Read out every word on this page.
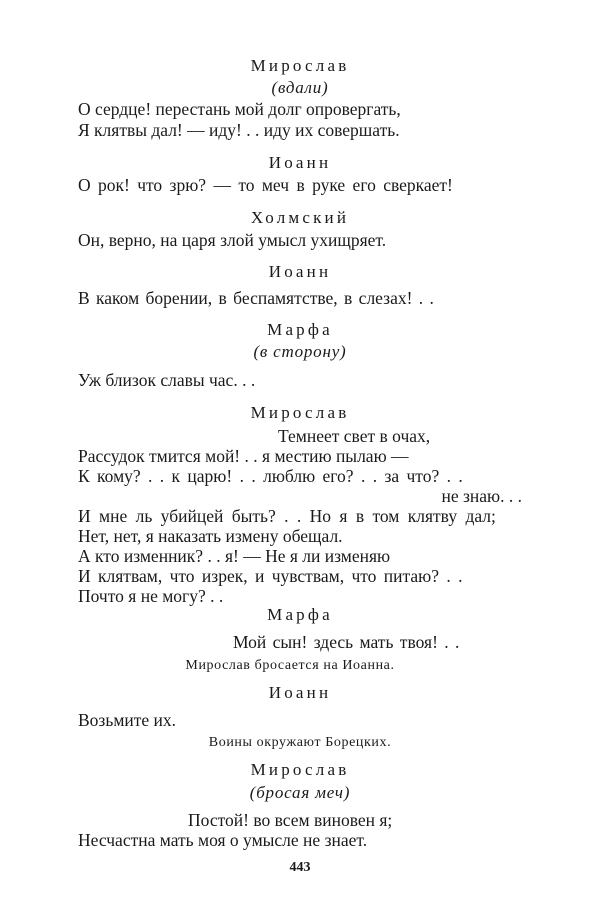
Мирослав
(вдали)
О сердце! перестань мой долг опровергать,
Я клятвы дал! — иду! . . иду их совершать.
Иоанн
О рок! что зрю? — то меч в руке его сверкает!
Холмский
Он, верно, на царя злой умысл ухищряет.
Иоанн
В каком борении, в беспамятстве, в слезах! . .
Марфа
(в сторону)
Уж близок славы час. . .
Мирослав
Темнеет свет в очах,
Рассудок тмится мой! . . я местию пылаю —
К кому? . . к царю! . . люблю его? . . за что? . .
не знаю. . .
И мне ль убийцей быть? . . Но я в том клятву дал;
Нет, нет, я наказать измену обещал.
А кто изменник? . . я! — Не я ли изменяю
И клятвам, что изрек, и чувствам, что питаю? . .
Почто я не могу? . .
Марфа
Мой сын! здесь мать твоя! . .
Мирослав бросается на Иоанна.
Иоанн
Возьмите их.
Воины окружают Борецких.
Мирослав
(бросая меч)
Постой! во всем виновен я;
Несчастна мать моя о умысле не знает.
443
